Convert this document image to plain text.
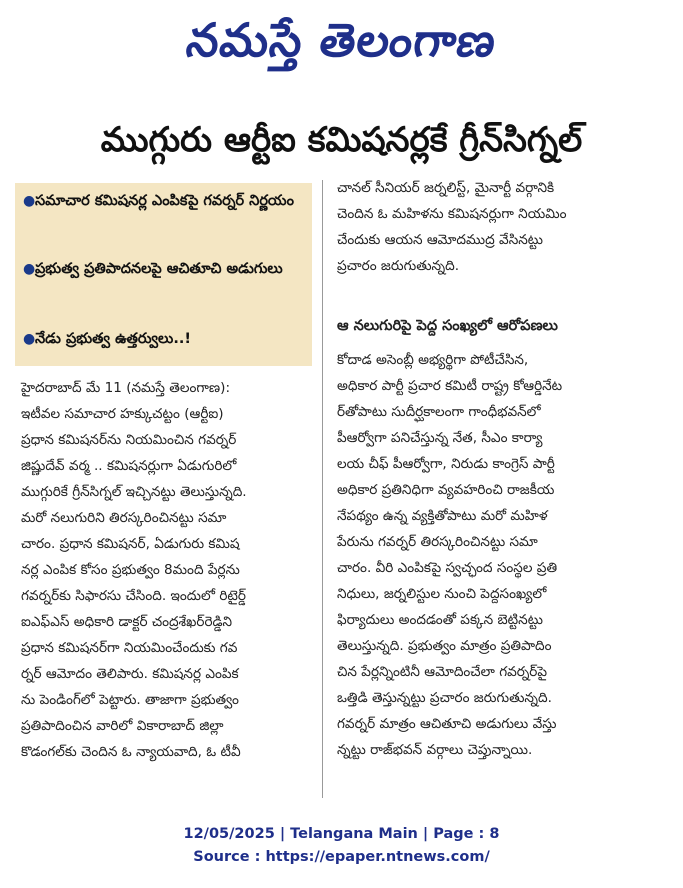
నమస్తే తెలంగాణ
ముగ్గురు ఆర్టీఐ కమిషనర్లకే గ్రీన్‌సిగ్నల్
●సమాచార కమిషనర్ల ఎంపికపై గవర్నర్ నిర్ణయం
●ప్రభుత్వ ప్రతిపాదనలపై ఆచితూచి అడుగులు
●నేడు ప్రభుత్వ ఉత్తర్వులు..!
హైదరాబాద్ మే 11 (నమస్తే తెలంగాణ):
ఇటీవల సమాచార హక్కుచట్టం (ఆర్టీఐ)
ప్రధాన కమిషనర్‌ను నియమించిన గవర్నర్
జిష్ణుదేవ్ వర్మ .. కమిషనర్లుగా ఏడుగురిలో
ముగ్గురికే గ్రీన్‌సిగ్నల్ ఇచ్చినట్టు తెలుస్తున్నది.
మరో నలుగురిని తిరస్కరించినట్టు సమా
చారం. ప్రధాన కమిషనర్, ఏడుగురు కమిష
నర్ల ఎంపిక కోసం ప్రభుత్వం 8మంది పేర్లను
గవర్నర్‌కు సిఫారసు చేసింది. ఇందులో రిటైర్డ్
ఐఎఫ్ఎస్ అధికారి డాక్టర్ చంద్రశేఖర్‌రెడ్డిని
ప్రధాన కమిషనర్‌గా నియమించేందుకు గవ
ర్నర్ ఆమోదం తెలిపారు. కమిషనర్ల ఎంపిక
ను పెండింగ్‌లో పెట్టారు. తాజాగా ప్రభుత్వం
ప్రతిపాదించిన వారిలో వికారాబాద్ జిల్లా
కొడంగల్‌కు చెందిన ఓ న్యాయవాది, ఓ టీవీ
చానల్ సీనియర్ జర్నలిస్ట్, మైనార్టీ వర్గానికి
చెందిన ఓ మహిళను కమిషనర్లుగా నియమిం
చేందుకు ఆయన ఆమోదముద్ర వేసినట్టు
ప్రచారం జరుగుతున్నది.
ఆ నలుగురిపై పెద్ద సంఖ్యలో ఆరోపణలు
కోదాడ అసెంబ్లీ అభ్యర్థిగా పోటీచేసిన,
అధికార పార్టీ ప్రచార కమిటీ రాష్ట్ర కోఆర్డినేట
ర్‌తోపాటు సుదీర్ఘకాలంగా గాంధీభవన్‌లో
పీఆర్వోగా పనిచేస్తున్న నేత, సీఎం కార్యా
లయ చీఫ్ పీఆర్వోగా, నిరుడు కాంగ్రెస్ పార్టీ
అధికార ప్రతినిధిగా వ్యవహరించి రాజకీయ
నేపథ్యం ఉన్న వ్యక్తితోపాటు మరో మహిళ
పేరును గవర్నర్ తిరస్కరించినట్టు సమా
చారం. వీరి ఎంపికపై స్వచ్ఛంద సంస్థల ప్రతి
నిధులు, జర్నలిస్టుల నుంచి పెద్దసంఖ్యలో
ఫిర్యాదులు అందడంతో పక్కన బెట్టినట్టు
తెలుస్తున్నది. ప్రభుత్వం మాత్రం ప్రతిపాదిం
చిన పేర్లన్నింటినీ ఆమోదించేలా గవర్నర్‌పై
ఒత్తిడి తెస్తున్నట్టు ప్రచారం జరుగుతున్నది.
గవర్నర్ మాత్రం ఆచితూచి అడుగులు వేస్తు
న్నట్టు రాజ్‌భవన్ వర్గాలు చెప్తున్నాయి.
12/05/2025 | Telangana Main | Page : 8
Source : https://epaper.ntnews.com/
